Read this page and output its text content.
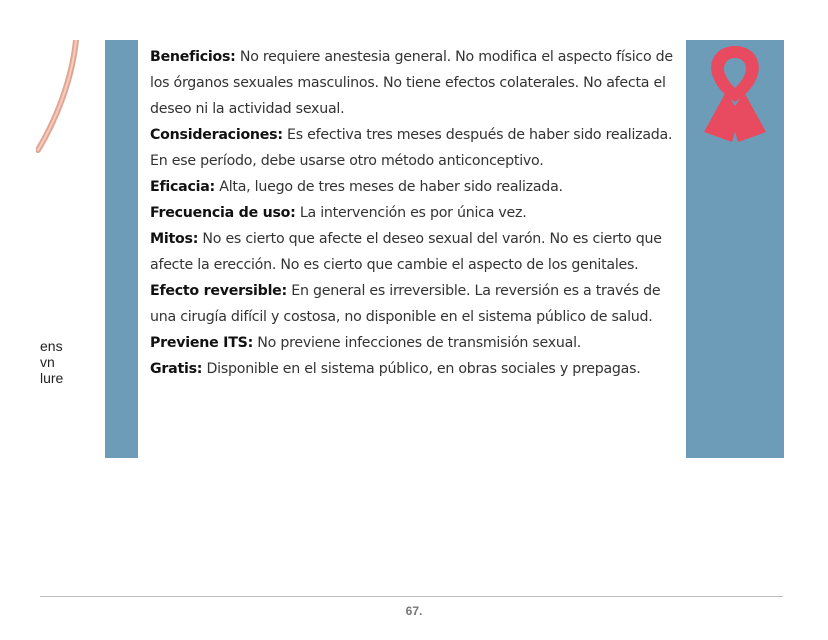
ens
vn
lure

Beneficios: No requiere anestesia general. No modifica el aspecto físico de los órganos sexuales masculinos. No tiene efectos colaterales. No afecta el deseo ni la actividad sexual.

Consideraciones: Es efectiva tres meses después de haber sido realizada. En ese período, debe usarse otro método anticonceptivo.

Eficacia: Alta, luego de tres meses de haber sido realizada.

Frecuencia de uso: La intervención es por única vez.

Mitos: No es cierto que afecte el deseo sexual del varón. No es cierto que afecte la erección. No es cierto que cambie el aspecto de los genitales.

Efecto reversible: En general es irreversible. La reversión es a través de una cirugía difícil y costosa, no disponible en el sistema público de salud.

Previene ITS: No previene infecciones de transmisión sexual.

Gratis: Disponible en el sistema público, en obras sociales y prepagas.

67.
